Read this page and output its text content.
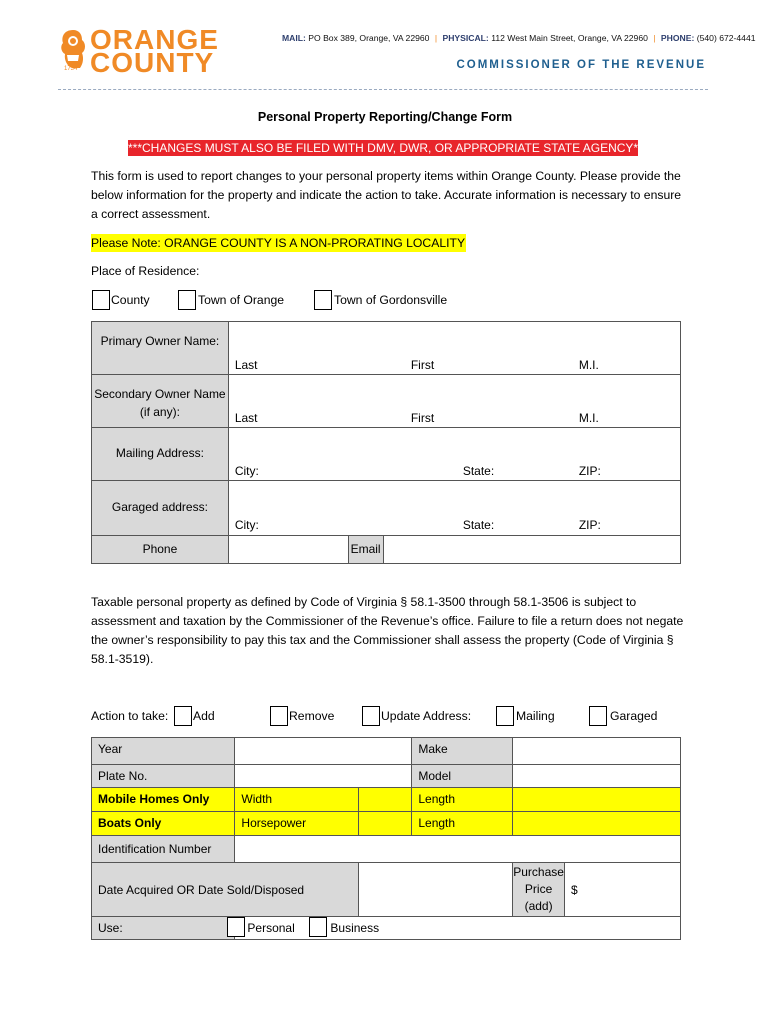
ORANGE
COUNTY
1734
MAIL: PO Box 389, Orange, VA 22960 | PHYSICAL: 112 West Main Street, Orange, VA 22960 | PHONE: (540) 672-4441
COMMISSIONER OF THE REVENUE
Personal Property Reporting/Change Form
***CHANGES MUST ALSO BE FILED WITH DMV, DWR, OR APPROPRIATE STATE AGENCY***
This form is used to report changes to your personal property items within Orange County. Please provide the below information for the property and indicate the action to take. Accurate information is necessary to ensure a correct assessment.
Please Note: ORANGE COUNTY IS A NON-PRORATING LOCALITY
Place of Residence:
County	Town of Orange	Town of Gordonsville
Primary Owner Name:	Last First M.I.		

Secondary Owner Name (if any):	Last First M.I.		

Mailing Address:	City: State: ZIP:		

Garaged address:	City: State: ZIP:		

Phone		Email	
Taxable personal property as defined by Code of Virginia § 58.1-3500 through 58.1-3506 is subject to assessment and taxation by the Commissioner of the Revenue’s office. Failure to file a return does not negate the owner’s responsibility to pay this tax and the Commissioner shall assess the property (Code of Virginia § 58.1-3519).
Action to take: Add	Remove	Update Address:	Mailing	Garaged
Year			Make		
Plate No.			Model		
Mobile Homes Only	Width		Length		
Boats Only	Horsepower		Length		
Identification Number					
Date Acquired OR Date Sold/Disposed				Purchase Price (add)	$
Use:	Personal Business				
